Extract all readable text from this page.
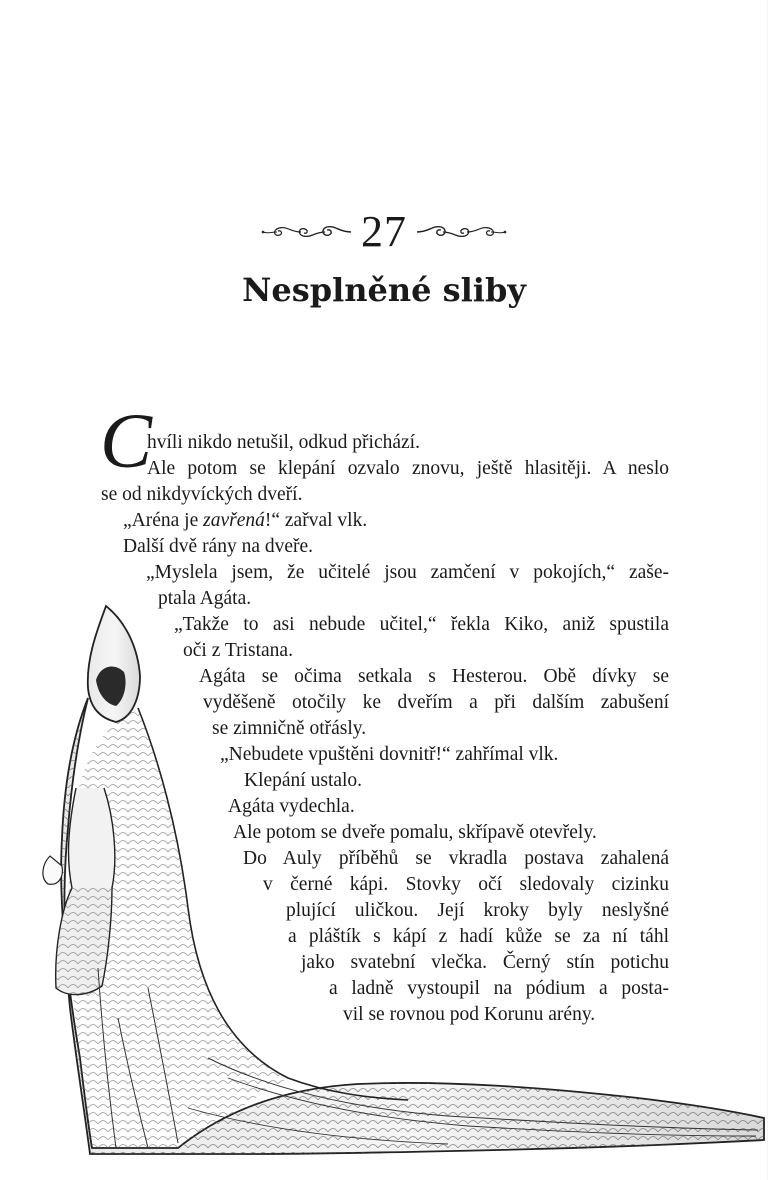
27
Nesplněné sliby
C
hvíli nikdo netušil, odkud přichází.
Ale potom se klepání ozvalo znovu, ještě hlasitěji. A neslo
se od nikdyvíckých dveří.
„Aréna je zavřená!“ zařval vlk.
Další dvě rány na dveře.
„Myslela jsem, že učitelé jsou zamčení v pokojích,“ zaše-
ptala Agáta.
„Takže to asi nebude učitel,“ řekla Kiko, aniž spustila
oči z Tristana.
Agáta se očima setkala s Hesterou. Obě dívky se
vyděšeně otočily ke dveřím a při dalším zabušení
se zimničně otřásly.
„Nebudete vpuštěni dovnitř!“ zahřímal vlk.
Klepání ustalo.
Agáta vydechla.
Ale potom se dveře pomalu, skřípavě otevřely.
Do Auly příběhů se vkradla postava zahalená
v černé kápi. Stovky očí sledovaly cizinku
plující uličkou. Její kroky byly neslyšné
a pláštík s kápí z hadí kůže se za ní táhl
jako svatební vlečka. Černý stín potichu
a ladně vystoupil na pódium a posta-
vil se rovnou pod Korunu arény.
